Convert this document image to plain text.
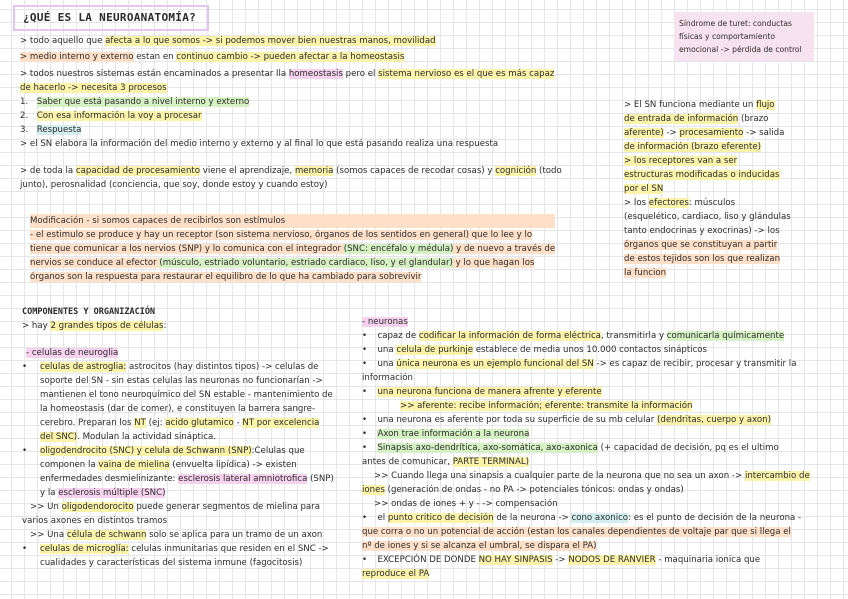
¿QUÉ ES LA NEUROANATOMÍA?	Síndrome de turet: conductas
físicas y comportamiento
emocional -> pérdida de control
> todo aquello que afecta a lo que somos -> si podemos mover bien nuestras manos, movilidad
> medio interno y externo estan en continuo cambio -> pueden afectar a la homeostasis
> todos nuestros sistemas están encaminados a presentar lla homeostasis pero el sistema nervioso es el que es más capaz
de hacerlo -> necesita 3 procesos
1. Saber que está pasando a nivel interno y externo
2. Con esa información la voy a procesar
3. Respuesta
> el SN elabora la información del medio interno y externo y al final lo que está pasando realiza una respuesta
> de toda la capacidad de procesamiento viene el aprendizaje, memoria (somos capaces de recodar cosas) y cognición (todo
junto), perosnalidad (conciencia, que soy, donde estoy y cuando estoy)
Modificación - si somos capaces de recibirlos son estímulos
- el estimulo se produce y hay un receptor (son sistema nervioso, órganos de los sentidos en general) que lo lee y lo
tiene que comunicar a los nervios (SNP) y lo comunica con el integrador (SNC: encéfalo y médula) y de nuevo a través de
nervios se conduce al efector (músculo, estriado voluntario, estriado cardiaco, liso, y el glandular) y lo que hagan los
órganos son la respuesta para restaurar el equilibro de lo que ha cambiado para sobrevivir
> El SN funciona mediante un flujo
de entrada de información (brazo
aferente) -> procesamiento -> salida
de información (brazo eferente)
> los receptores van a ser
estructuras modificadas o inducidas
por el SN
> los efectores: músculos
(esquelético, cardiaco, liso y glándulas
tanto endocrinas y exocrinas) -> los
órganos que se constituyan a partir
de estos tejidos son los que realizan
la funcion
COMPONENTES Y ORGANIZACIÓN
> hay 2 grandes tipos de células:
- celulas de neuroglia
• celulas de astroglia: astrocitos (hay distintos tipos) -> celulas de
soporte del SN - sin estas celulas las neuronas no funcionarían ->
mantienen el tono neuroquímico del SN estable - mantenimiento de
la homeostasis (dar de comer), e constituyen la barrera sangre-
cerebro. Preparan los NT (ej: acido glutamico - NT por excelencia
del SNC). Modulan la actividad sináptica.
• oligodendrocito (SNC) y celula de Schwann (SNP):Celulas que
componen la vaina de mielina (envuelta lipídica) -> existen
enfermedades desmielinizante: esclerosis lateral amniotrofica (SNP)
y la esclerosis múltiple (SNC)
>> Un oligodendorocito puede generar segmentos de mielina para
varios axones en distintos tramos
>> Una célula de schwann solo se aplica para un tramo de un axon
• celulas de microglía: celulas inmunitarias que residen en el SNC ->
cualidades y características del sistema inmune (fagocitosis)
- neuronas
• capaz de codificar la información de forma eléctrica, transmitirla y comunicarla químicamente
• una celula de purkinje establece de media unos 10.000 contactos sinápticos
• una única neurona es un ejemplo funcional del SN -> es capaz de recibir, procesar y transmitir la
información
• una neurona funciona de manera afrente y eferente
>> aferente: recibe información; eferente: transmite la información
• una neurona es aferente por toda su superficie de su mb celular (dendritas, cuerpo y axon)
• Axon trae información a la neurona
• Sinapsis axo-dendrítica, axo-somática, axo-axonica (+ capacidad de decisión, pq es el ultimo
antes de comunicar, PARTE TERMINAL)
>> Cuando llega una sinapsis a cualquier parte de la neurona que no sea un axon -> intercambio de
iones (generación de ondas - no PA -> potenciales tónicos: ondas y ondas)
>> ondas de iones + y - -> compensación
• el punto critico de decisión de la neurona -> cono axonico: es el punto de decisión de la neurona -
que corra o no un potencial de acción (estan los canales dependientes de voltaje par que si llega el
nº de iones y si se alcanza el umbral, se dispara el PA)
• EXCEPCIÓN DE DONDE NO HAY SINPASIS -> NODOS DE RANVIER - maquinaria ionica que
reproduce el PA
